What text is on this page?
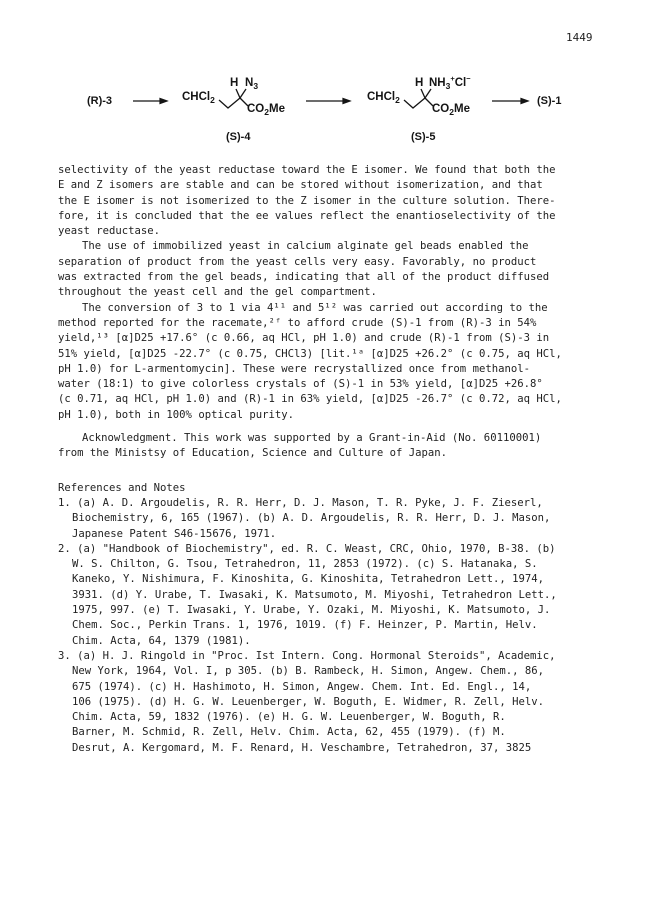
1449
(R)-3	(S)-1
CHCl$_2$
H $N_3$
$CO_2Me$
(S)-4
CHCl$_2$
H $NH_3^+Cl^-$
$CO_2Me$
(S)-5
selectivity of the yeast reductase toward the E isomer. We found that both the
E and Z isomers are stable and can be stored without isomerization, and that
the E isomer is not isomerized to the Z isomer in the culture solution. There-
fore, it is concluded that the ee values reflect the enantioselectivity of the
yeast reductase.
The use of immobilized yeast in calcium alginate gel beads enabled the
separation of product from the yeast cells very easy. Favorably, no product
was extracted from the gel beads, indicating that all of the product diffused
throughout the yeast cell and the gel compartment.
The conversion of 3 to 1 via 4¹¹ and 5¹² was carried out according to the
method reported for the racemate,²ᶠ to afford crude (S)-1 from (R)-3 in 54%
yield,¹³ [α]D25 +17.6° (c 0.66, aq HCl, pH 1.0) and crude (R)-1 from (S)-3 in
51% yield, [α]D25 -22.7° (c 0.75, CHCl3) [lit.¹ᵃ [α]D25 +26.2° (c 0.75, aq HCl,
pH 1.0) for L-armentomycin]. These were recrystallized once from methanol-
water (18:1) to give colorless crystals of (S)-1 in 53% yield, [α]D25 +26.8°
(c 0.71, aq HCl, pH 1.0) and (R)-1 in 63% yield, [α]D25 -26.7° (c 0.72, aq HCl,
pH 1.0), both in 100% optical purity.
Acknowledgment. This work was supported by a Grant-in-Aid (No. 60110001)
from the Ministsy of Education, Science and Culture of Japan.
References and Notes
1. (a) A. D. Argoudelis, R. R. Herr, D. J. Mason, T. R. Pyke, J. F. Zieserl,
Biochemistry, 6, 165 (1967). (b) A. D. Argoudelis, R. R. Herr, D. J. Mason,
Japanese Patent S46-15676, 1971.
2. (a) "Handbook of Biochemistry", ed. R. C. Weast, CRC, Ohio, 1970, B-38. (b)
W. S. Chilton, G. Tsou, Tetrahedron, 11, 2853 (1972). (c) S. Hatanaka, S.
Kaneko, Y. Nishimura, F. Kinoshita, G. Kinoshita, Tetrahedron Lett., 1974,
3931. (d) Y. Urabe, T. Iwasaki, K. Matsumoto, M. Miyoshi, Tetrahedron Lett.,
1975, 997. (e) T. Iwasaki, Y. Urabe, Y. Ozaki, M. Miyoshi, K. Matsumoto, J.
Chem. Soc., Perkin Trans. 1, 1976, 1019. (f) F. Heinzer, P. Martin, Helv.
Chim. Acta, 64, 1379 (1981).
3. (a) H. J. Ringold in "Proc. Ist Intern. Cong. Hormonal Steroids", Academic,
New York, 1964, Vol. I, p 305. (b) B. Rambeck, H. Simon, Angew. Chem., 86,
675 (1974). (c) H. Hashimoto, H. Simon, Angew. Chem. Int. Ed. Engl., 14,
106 (1975). (d) H. G. W. Leuenberger, W. Boguth, E. Widmer, R. Zell, Helv.
Chim. Acta, 59, 1832 (1976). (e) H. G. W. Leuenberger, W. Boguth, R.
Barner, M. Schmid, R. Zell, Helv. Chim. Acta, 62, 455 (1979). (f) M.
Desrut, A. Kergomard, M. F. Renard, H. Veschambre, Tetrahedron, 37, 3825
